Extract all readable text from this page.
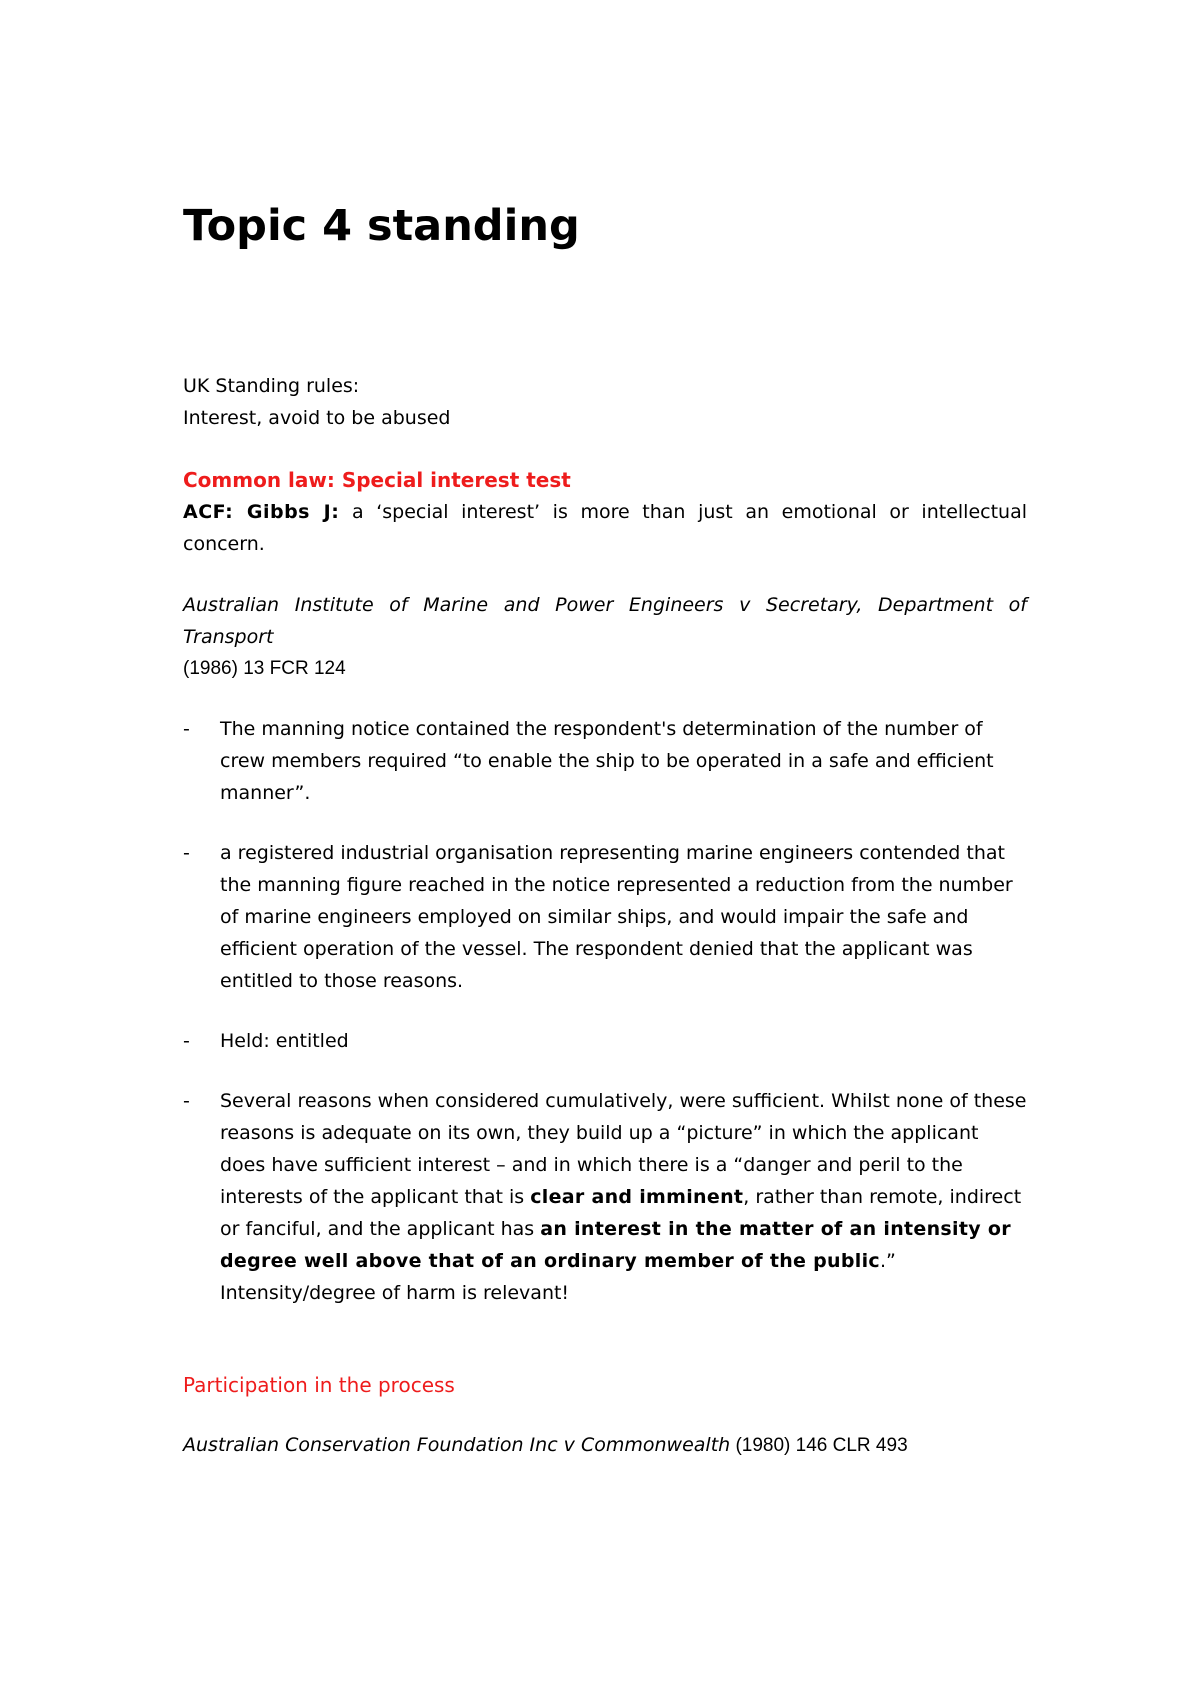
Topic 4 standing
UK Standing rules:
Interest, avoid to be abused
Common law: Special interest test
ACF: Gibbs J: a ‘special interest’ is more than just an emotional or intellectual concern.
Australian Institute of Marine and Power Engineers v Secretary, Department of Transport
(1986) 13 FCR 124
- The manning notice contained the respondent's determination of the number of crew members required “to enable the ship to be operated in a safe and efficient manner”.
- a registered industrial organisation representing marine engineers contended that the manning figure reached in the notice represented a reduction from the number of marine engineers employed on similar ships, and would impair the safe and efficient operation of the vessel. The respondent denied that the applicant was entitled to those reasons.
- Held: entitled
- Several reasons when considered cumulatively, were sufficient. Whilst none of these reasons is adequate on its own, they build up a “picture” in which the applicant does have sufficient interest – and in which there is a “danger and peril to the interests of the applicant that is clear and imminent, rather than remote, indirect or fanciful, and the applicant has an interest in the matter of an intensity or degree well above that of an ordinary member of the public.” Intensity/degree of harm is relevant!
Participation in the process
Australian Conservation Foundation Inc v Commonwealth (1980) 146 CLR 493
